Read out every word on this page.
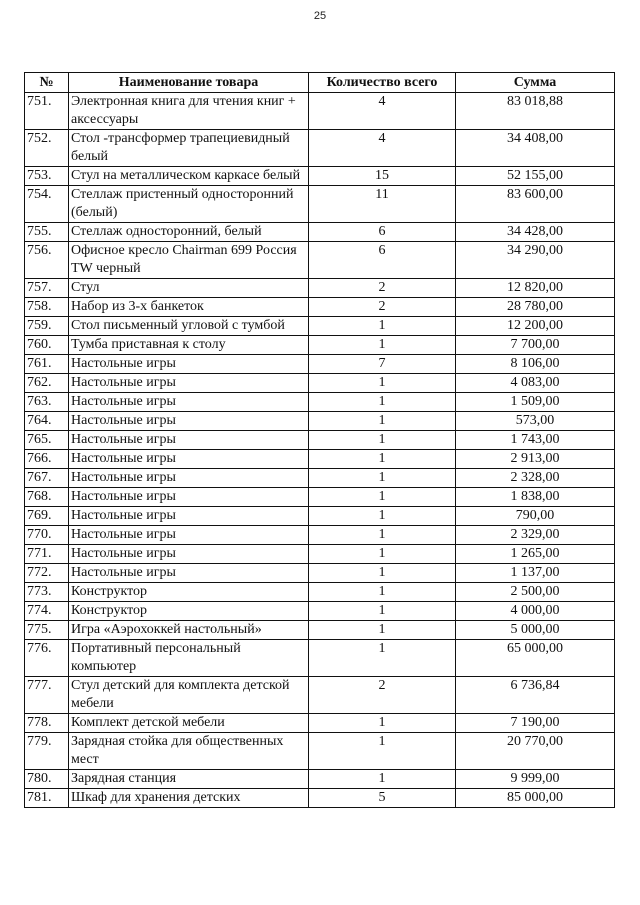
25
№	Наименование товара	Количество всего	Сумма
751.	Электронная книга для чтения книг + аксессуары	4	83 018,88
752.	Стол -трансформер трапециевидный белый	4	34 408,00
753.	Стул на металлическом каркасе белый	15	52 155,00
754.	Стеллаж пристенный односторонний (белый)	11	83 600,00
755.	Стеллаж односторонний, белый	6	34 428,00
756.	Офисное кресло Chairman 699 Россия TW черный	6	34 290,00
757.	Стул	2	12 820,00
758.	Набор из 3-х банкеток	2	28 780,00
759.	Стол письменный угловой с тумбой	1	12 200,00
760.	Тумба приставная к столу	1	7 700,00
761.	Настольные игры	7	8 106,00
762.	Настольные игры	1	4 083,00
763.	Настольные игры	1	1 509,00
764.	Настольные игры	1	573,00
765.	Настольные игры	1	1 743,00
766.	Настольные игры	1	2 913,00
767.	Настольные игры	1	2 328,00
768.	Настольные игры	1	1 838,00
769.	Настольные игры	1	790,00
770.	Настольные игры	1	2 329,00
771.	Настольные игры	1	1 265,00
772.	Настольные игры	1	1 137,00
773.	Конструктор	1	2 500,00
774.	Конструктор	1	4 000,00
775.	Игра «Аэрохоккей настольный»	1	5 000,00
776.	Портативный персональный компьютер	1	65 000,00
777.	Стул детский для комплекта детской мебели	2	6 736,84
778.	Комплект детской мебели	1	7 190,00
779.	Зарядная стойка для общественных мест	1	20 770,00
780.	Зарядная станция	1	9 999,00
781.	Шкаф для хранения детских	5	85 000,00
